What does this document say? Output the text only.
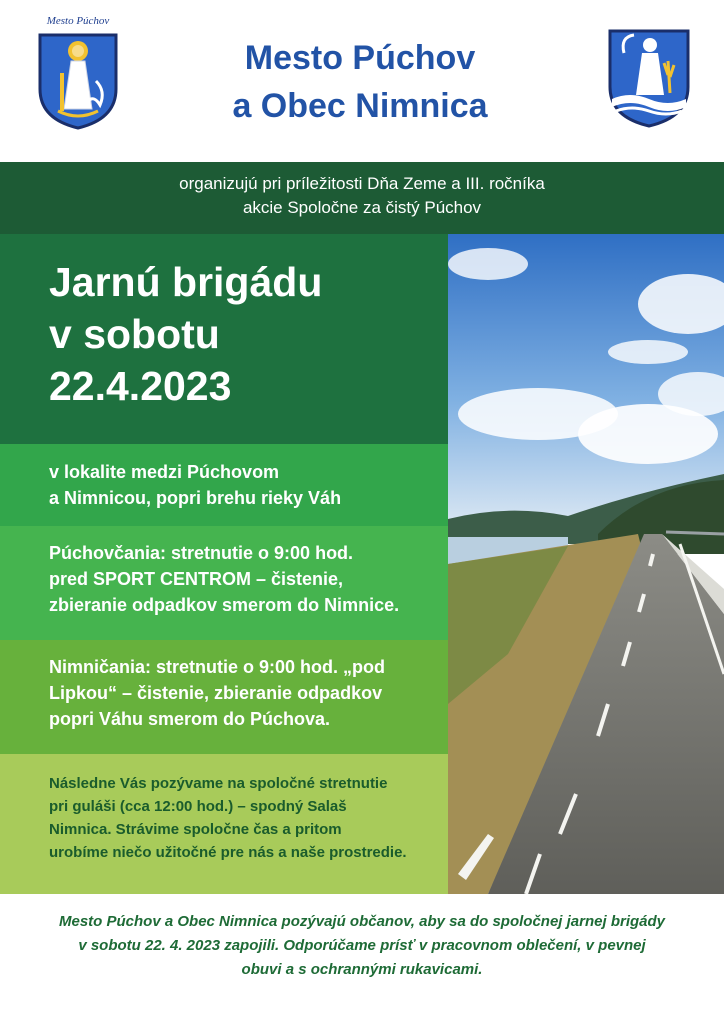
Mesto Púchov
Mesto Púchov
a Obec Nimnica
organizujú pri príležitosti Dňa Zeme a III. ročníka
akcie Spoločne za čistý Púchov
Jarnú brigádu
v sobotu
22.4.2023
v lokalite medzi Púchovom
a Nimnicou, popri brehu rieky Váh
Púchovčania: stretnutie o 9:00 hod.
pred SPORT CENTROM – čistenie,
zbieranie odpadkov smerom do Nimnice.
Nimničania: stretnutie o 9:00 hod. „pod
Lipkou“ – čistenie, zbieranie odpadkov
popri Váhu smerom do Púchova.
Následne Vás pozývame na spoločné stretnutie
pri guláši (cca 12:00 hod.) – spodný Salaš
Nimnica. Strávime spoločne čas a pritom
urobíme niečo užitočné pre nás a naše prostredie.
Mesto Púchov a Obec Nimnica pozývajú občanov, aby sa do spoločnej jarnej brigády
v sobotu 22. 4. 2023 zapojili. Odporúčame prísť v pracovnom oblečení, v pevnej
obuvi a s ochrannými rukavicami.
